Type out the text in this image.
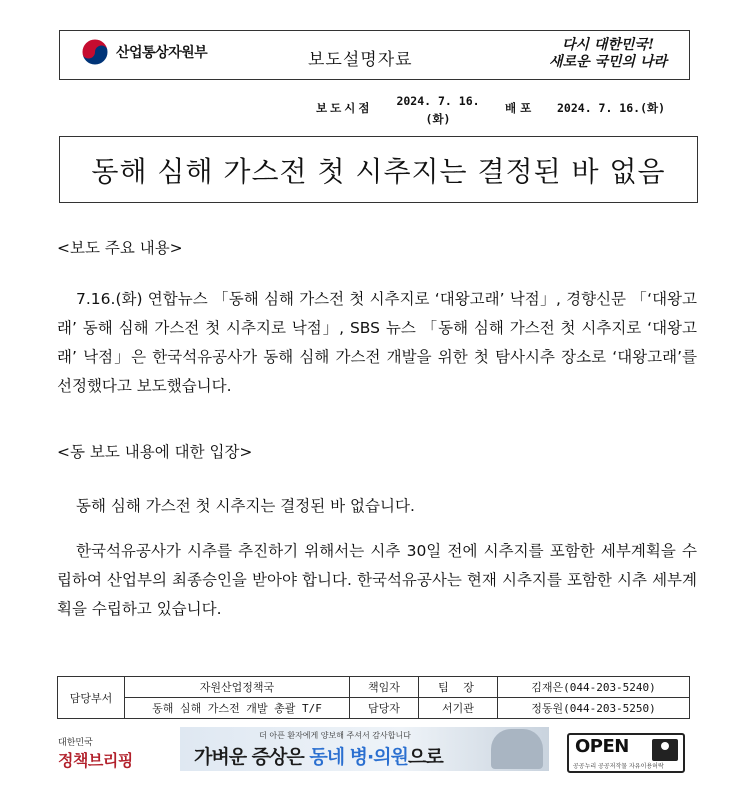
산업통상자원부	보도설명자료
다시 대한민국!
새로운 국민의 나라
보도시점	2024. 7. 16.
(화)
배포 2024. 7. 16.(화)
동해 심해 가스전 첫 시추지는 결정된 바 없음
<보도 주요 내용>
7.16.(화) 연합뉴스 「동해 심해 가스전 첫 시추지로 ‘대왕고래’ 낙점」, 경향신문 「‘대왕고래’ 동해 심해 가스전 첫 시추지로 낙점」, SBS 뉴스 「동해 심해 가스전 첫 시추지로 ‘대왕고래’ 낙점」은 한국석유공사가 동해 심해 가스전 개발을 위한 첫 탐사시추 장소로 ‘대왕고래’를 선정했다고 보도했습니다.
<동 보도 내용에 대한 입장>
동해 심해 가스전 첫 시추지는 결정된 바 없습니다.
한국석유공사가 시추를 추진하기 위해서는 시추 30일 전에 시추지를 포함한 세부계획을 수립하여 산업부의 최종승인을 받아야 합니다. 한국석유공사는 현재 시추지를 포함한 시추 세부계획을 수립하고 있습니다.
담당부서	자원산업정책국	책임자	팀 장	김재은(044-203-5240)
	동해 심해 가스전 개발 총괄 T/F	담당자	서기관	정동원(044-203-5250)
대한민국
정책브리핑
더 아픈 환자에게 양보해 주셔서 감사합니다
가벼운 증상은 동네 병·의원으로	OPEN
공공누리 공공저작물 자유이용허락
